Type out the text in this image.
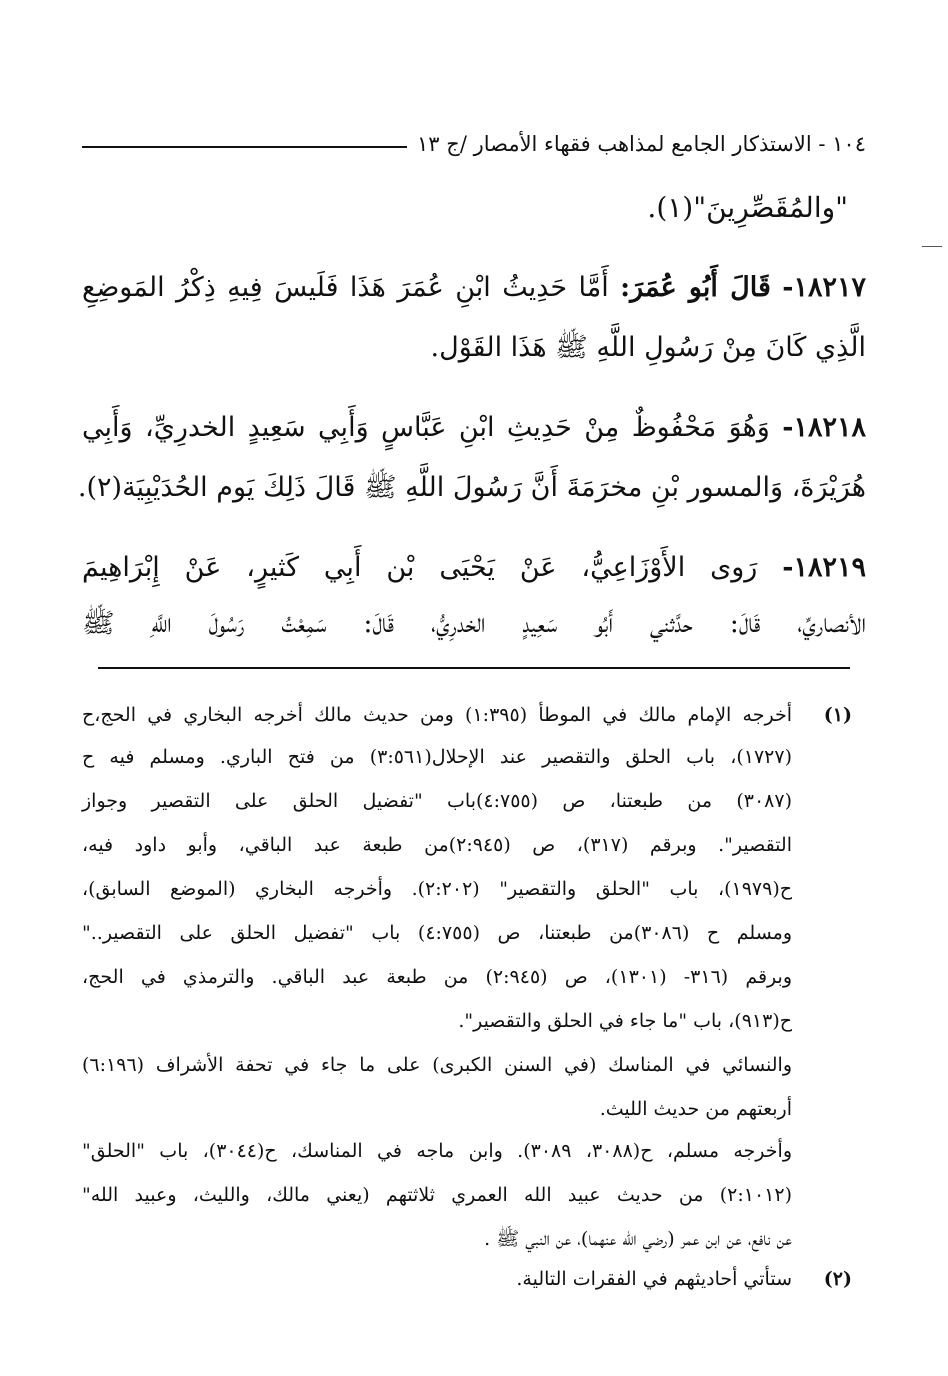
١٠٤ - الاستذكار الجامع لمذاهب فقهاء الأمصار /ج ١٣
"والمُقَصِّرِينَ"(١).
١٨٢١٧- قَالَ أَبُو عُمَرَ: أَمَّا حَدِيثُ ابْنِ عُمَرَ هَذَا فَلَيسَ فِيهِ ذِكْرُ المَوضِعِ
الَّذِي كَانَ مِنْ رَسُولِ اللَّهِ ﷺ هَذَا القَوْل.
١٨٢١٨- وَهُوَ مَحْفُوظٌ مِنْ حَدِيثِ ابْنِ عَبَّاسٍ وَأَبِي سَعِيدٍ الخدرِيِّ، وَأَبِي
هُرَيْرَةَ، وَالمسور بْنِ مخرَمَةَ أَنَّ رَسُولَ اللَّهِ ﷺ قَالَ ذَلِكَ يَوم الحُدَيْبِيَة(٢).
١٨٢١٩- رَوى الأَوْزَاعِيُّ، عَنْ يَحْيَى بْن أَبِي كَثيرٍ، عَنْ إِبْرَاهِيمَ
الأنصاريِّ، قَالَ: حدَّثني أَبُو سَعِيدٍ الخدرِيُّ، قَالَ: سَمِعْتُ رَسُولَ اللَّهِ ﷺ
(١)
أخرجه الإمام مالك في الموطأ (١:٣٩٥) ومن حديث مالك أخرجه البخاري في الحج،ح
(١٧٢٧)، باب الحلق والتقصير عند الإحلال(٣:٥٦١) من فتح الباري. ومسلم فيه ح
(٣٠٨٧) من طبعتنا، ص (٤:٧٥٥)باب "تفضيل الحلق على التقصير وجواز
التقصير". وبرقم (٣١٧)، ص (٢:٩٤٥)من طبعة عبد الباقي، وأبو داود فيه،
ح(١٩٧٩)، باب "الحلق والتقصير" (٢:٢٠٢). وأخرجه البخاري (الموضع السابق)،
ومسلم ح (٣٠٨٦)من طبعتنا، ص (٤:٧٥٥) باب "تفضيل الحلق على التقصير.."
وبرقم (٣١٦- (١٣٠١)، ص (٢:٩٤٥) من طبعة عبد الباقي. والترمذي في الحج،
ح(٩١٣)، باب "ما جاء في الحلق والتقصير".
والنسائي في المناسك (في السنن الكبرى) على ما جاء في تحفة الأشراف (٦:١٩٦)
أربعتهم من حديث الليث.
وأخرجه مسلم، ح(٣٠٨٨، ٣٠٨٩). وابن ماجه في المناسك، ح(٣٠٤٤)، باب "الحلق"
(٢:١٠١٢) من حديث عبيد الله العمري ثلاثتهم (يعني مالك، والليث، وعبيد الله"
عن نافع، عن ابن عمر (رضي الله عنهما)، عن النبي ﷺ .
(٢)
ستأتي أحاديثهم في الفقرات التالية.
